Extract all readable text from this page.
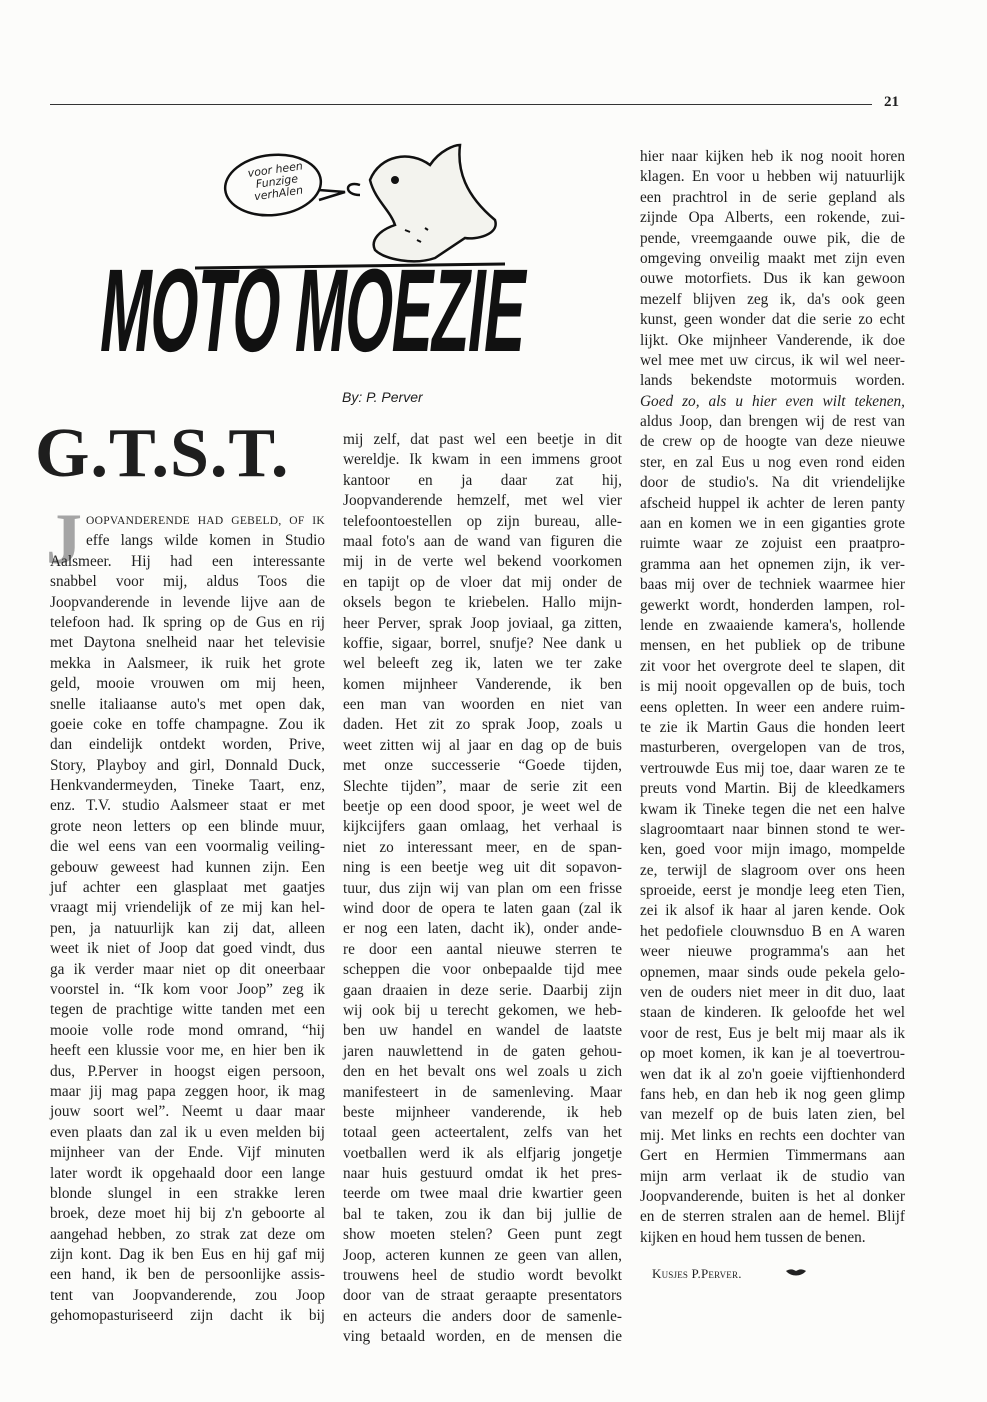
21
voor heen Funzige verhAlen
MOTO MOEZIE
By: P. Perver
G.T.S.T.
J OOPVANDERENDE HAD GEBELD, OF IK
effe langs wilde komen in Studio
Aalsmeer. Hij had een interessante
snabbel voor mij, aldus Toos die
Joopvanderende in levende lijve aan de
telefoon had. Ik spring op de Gus en rij
met Daytona snelheid naar het televisie
mekka in Aalsmeer, ik ruik het grote
geld, mooie vrouwen om mij heen,
snelle italiaanse auto's met open dak,
goeie coke en toffe champagne. Zou ik
dan eindelijk ontdekt worden, Prive,
Story, Playboy and girl, Donnald Duck,
Henkvandermeyden, Tineke Taart, enz,
enz. T.V. studio Aalsmeer staat er met
grote neon letters op een blinde muur,
die wel eens van een voormalig veiling-
gebouw geweest had kunnen zijn. Een
juf achter een glasplaat met gaatjes
vraagt mij vriendelijk of ze mij kan hel-
pen, ja natuurlijk kan zij dat, alleen
weet ik niet of Joop dat goed vindt, dus
ga ik verder maar niet op dit oneerbaar
voorstel in. “Ik kom voor Joop” zeg ik
tegen de prachtige witte tanden met een
mooie volle rode mond omrand, “hij
heeft een klussie voor me, en hier ben ik
dus, P.Perver in hoogst eigen persoon,
maar jij mag papa zeggen hoor, ik mag
jouw soort wel”. Neemt u daar maar
even plaats dan zal ik u even melden bij
mijnheer van der Ende. Vijf minuten
later wordt ik opgehaald door een lange
blonde slungel in een strakke leren
broek, deze moet hij bij z'n geboorte al
aangehad hebben, zo strak zat deze om
zijn kont. Dag ik ben Eus en hij gaf mij
een hand, ik ben de persoonlijke assis-
tent van Joopvanderende, zou Joop
gehomopasturiseerd zijn dacht ik bij
mij zelf, dat past wel een beetje in dit
wereldje. Ik kwam in een immens groot
kantoor en ja daar zat hij,
Joopvanderende hemzelf, met wel vier
telefoontoestellen op zijn bureau, alle-
maal foto's aan de wand van figuren die
mij in de verte wel bekend voorkomen
en tapijt op de vloer dat mij onder de
oksels begon te kriebelen. Hallo mijn-
heer Perver, sprak Joop joviaal, ga zitten,
koffie, sigaar, borrel, snufje? Nee dank u
wel beleeft zeg ik, laten we ter zake
komen mijnheer Vanderende, ik ben
een man van woorden en niet van
daden. Het zit zo sprak Joop, zoals u
weet zitten wij al jaar en dag op de buis
met onze successerie “Goede tijden,
Slechte tijden”, maar de serie zit een
beetje op een dood spoor, je weet wel de
kijkcijfers gaan omlaag, het verhaal is
niet zo interessant meer, en de span-
ning is een beetje weg uit dit sopavon-
tuur, dus zijn wij van plan om een frisse
wind door de opera te laten gaan (zal ik
er nog een laten, dacht ik), onder ande-
re door een aantal nieuwe sterren te
scheppen die voor onbepaalde tijd mee
gaan draaien in deze serie. Daarbij zijn
wij ook bij u terecht gekomen, we heb-
ben uw handel en wandel de laatste
jaren nauwlettend in de gaten gehou-
den en het bevalt ons wel zoals u zich
manifesteert in de samenleving. Maar
beste mijnheer vanderende, ik heb
totaal geen acteertalent, zelfs van het
voetballen werd ik als elfjarig jongetje
naar huis gestuurd omdat ik het pres-
teerde om twee maal drie kwartier geen
bal te taken, zou ik dan bij jullie de
show moeten stelen? Geen punt zegt
Joop, acteren kunnen ze geen van allen,
trouwens heel de studio wordt bevolkt
door van de straat geraapte presentators
en acteurs die anders door de samenle-
ving betaald worden, en de mensen die
hier naar kijken heb ik nog nooit horen
klagen. En voor u hebben wij natuurlijk
een prachtrol in de serie gepland als
zijnde Opa Alberts, een rokende, zui-
pende, vreemgaande ouwe pik, die de
omgeving onveilig maakt met zijn even
ouwe motorfiets. Dus ik kan gewoon
mezelf blijven zeg ik, da's ook geen
kunst, geen wonder dat die serie zo echt
lijkt. Oke mijnheer Vanderende, ik doe
wel mee met uw circus, ik wil wel neer-
lands bekendste motormuis worden.
Goed zo, als u hier even wilt tekenen,
aldus Joop, dan brengen wij de rest van
de crew op de hoogte van deze nieuwe
ster, en zal Eus u nog even rond eiden
door de studio's. Na dit vriendelijke
afscheid huppel ik achter de leren panty
aan en komen we in een giganties grote
ruimte waar ze zojuist een praatpro-
gramma aan het opnemen zijn, ik ver-
baas mij over de techniek waarmee hier
gewerkt wordt, honderden lampen, rol-
lende en zwaaiende kamera's, hollende
mensen, en het publiek op de tribune
zit voor het overgrote deel te slapen, dit
is mij nooit opgevallen op de buis, toch
eens opletten. In weer een andere ruim-
te zie ik Martin Gaus die honden leert
masturberen, overgelopen van de tros,
vertrouwde Eus mij toe, daar waren ze te
preuts vond Martin. Bij de kleedkamers
kwam ik Tineke tegen die net een halve
slagroomtaart naar binnen stond te wer-
ken, goed voor mijn imago, mompelde
ze, terwijl de slagroom over ons heen
sproeide, eerst je mondje leeg eten Tien,
zei ik alsof ik haar al jaren kende. Ook
het pedofiele clouwnsduo B en A waren
weer nieuwe programma's aan het
opnemen, maar sinds oude pekela gelo-
ven de ouders niet meer in dit duo, laat
staan de kinderen. Ik geloofde het wel
voor de rest, Eus je belt mij maar als ik
op moet komen, ik kan je al toevertrou-
wen dat ik al zo'n goeie vijftienhonderd
fans heb, en dan heb ik nog geen glimp
van mezelf op de buis laten zien, bel
mij. Met links en rechts een dochter van
Gert en Hermien Timmermans aan
mijn arm verlaat ik de studio van
Joopvanderende, buiten is het al donker
en de sterren stralen aan de hemel. Blijf
kijken en houd hem tussen de benen.
Kusjes P.Perver.
